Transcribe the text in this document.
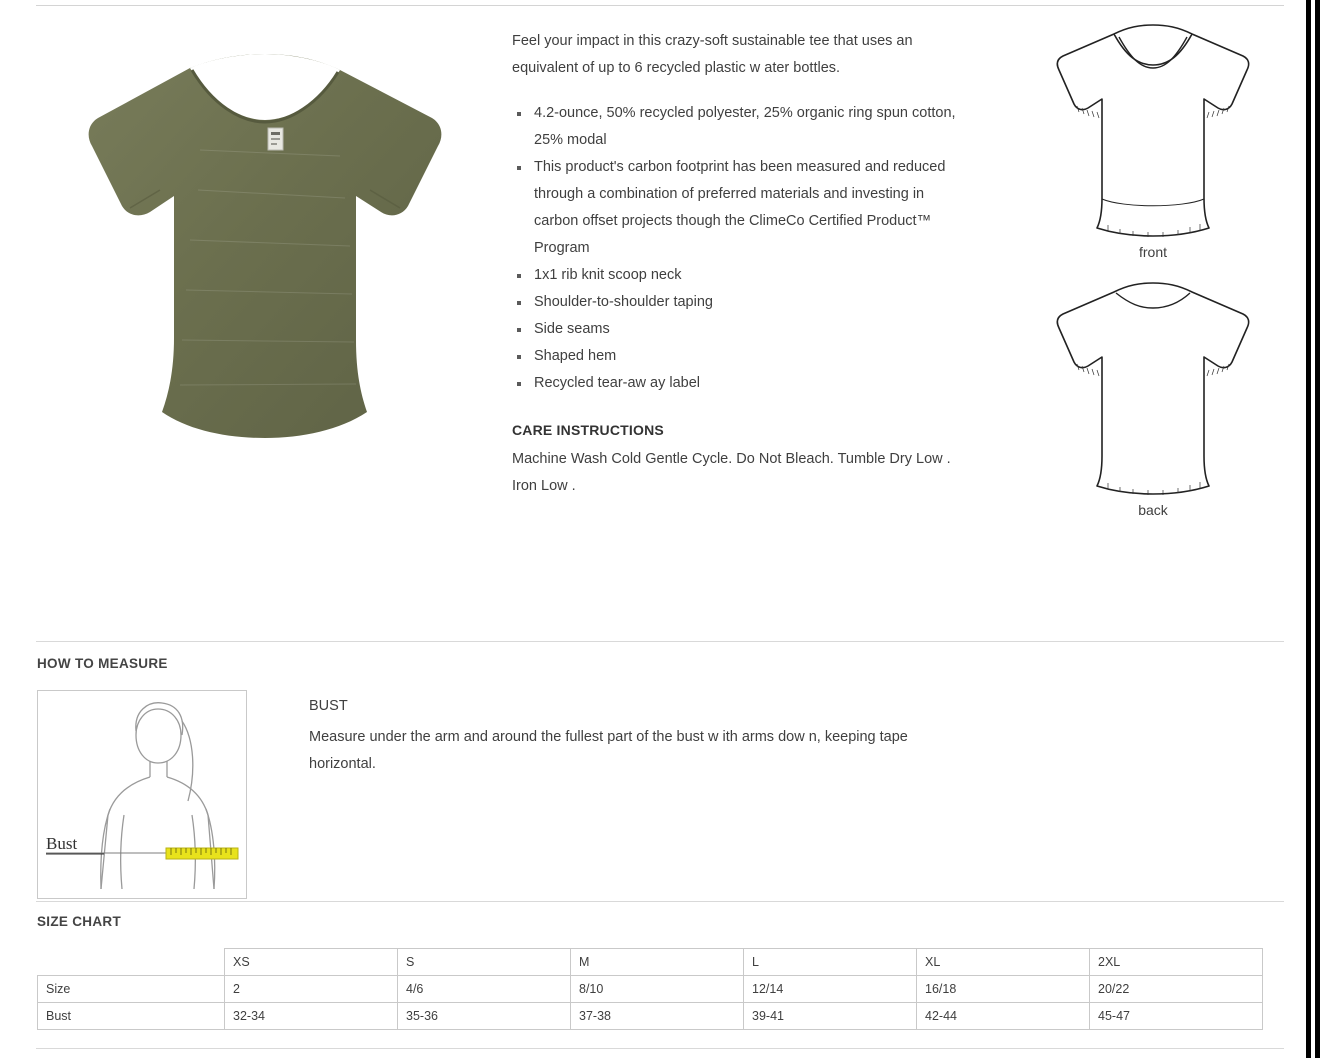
Feel your impact in this crazy-soft sustainable tee that uses an equivalent of up to 6 recycled plastic w ater bottles.

4.2-ounce, 50% recycled polyester, 25% organic ring spun cotton, 25% modal
This product's carbon footprint has been measured and reduced through a combination of preferred materials and investing in carbon offset projects though the ClimeCo Certified Product™ Program
1x1 rib knit scoop neck
Shoulder-to-shoulder taping
Side seams
Shaped hem
Recycled tear-aw ay label
CARE INSTRUCTIONS

Machine Wash Cold Gentle Cycle. Do Not Bleach. Tumble Dry Low . Iron Low .

front
back
HOW TO MEASURE
Bust

BUST

Measure under the arm and around the fullest part of the bust w ith arms dow n, keeping tape horizontal.

SIZE CHART
	XS	S	M	L	XL	2XL
Size	2	4/6	8/10	12/14	16/18	20/22
Bust	32-34	35-36	37-38	39-41	42-44	45-47
